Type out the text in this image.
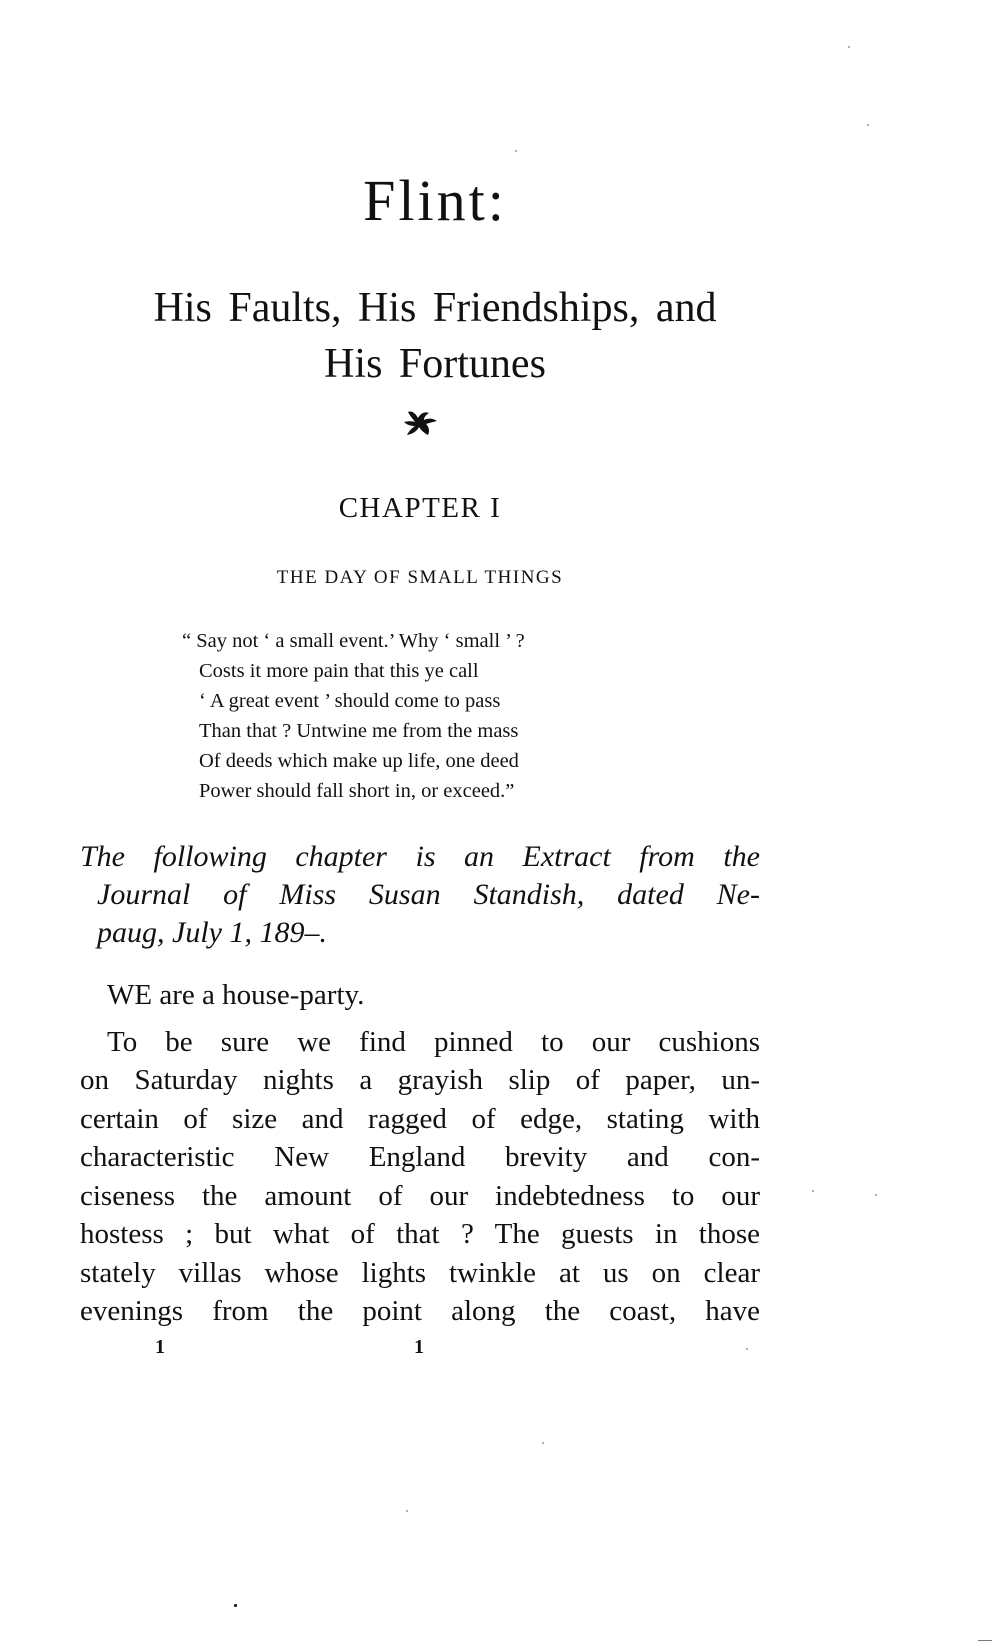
Flint:
His Faults, His Friendships, and
His Fortunes
CHAPTER I
THE DAY OF SMALL THINGS
“ Say not ‘ a small event.’ Why ‘ small ’ ?
Costs it more pain that this ye call
‘ A great event ’ should come to pass
Than that ? Untwine me from the mass
Of deeds which make up life, one deed
Power should fall short in, or exceed.”
The following chapter is an Extract from the
Journal of Miss Susan Standish, dated Ne-
paug, July 1, 189–.
WE are a house-party.
To be sure we find pinned to our cushions
on Saturday nights a grayish slip of paper, un-
certain of size and ragged of edge, stating with
characteristic New England brevity and con-
ciseness the amount of our indebtedness to our
hostess ; but what of that ? The guests in those
stately villas whose lights twinkle at us on clear
evenings from the point along the coast, have
1	1
